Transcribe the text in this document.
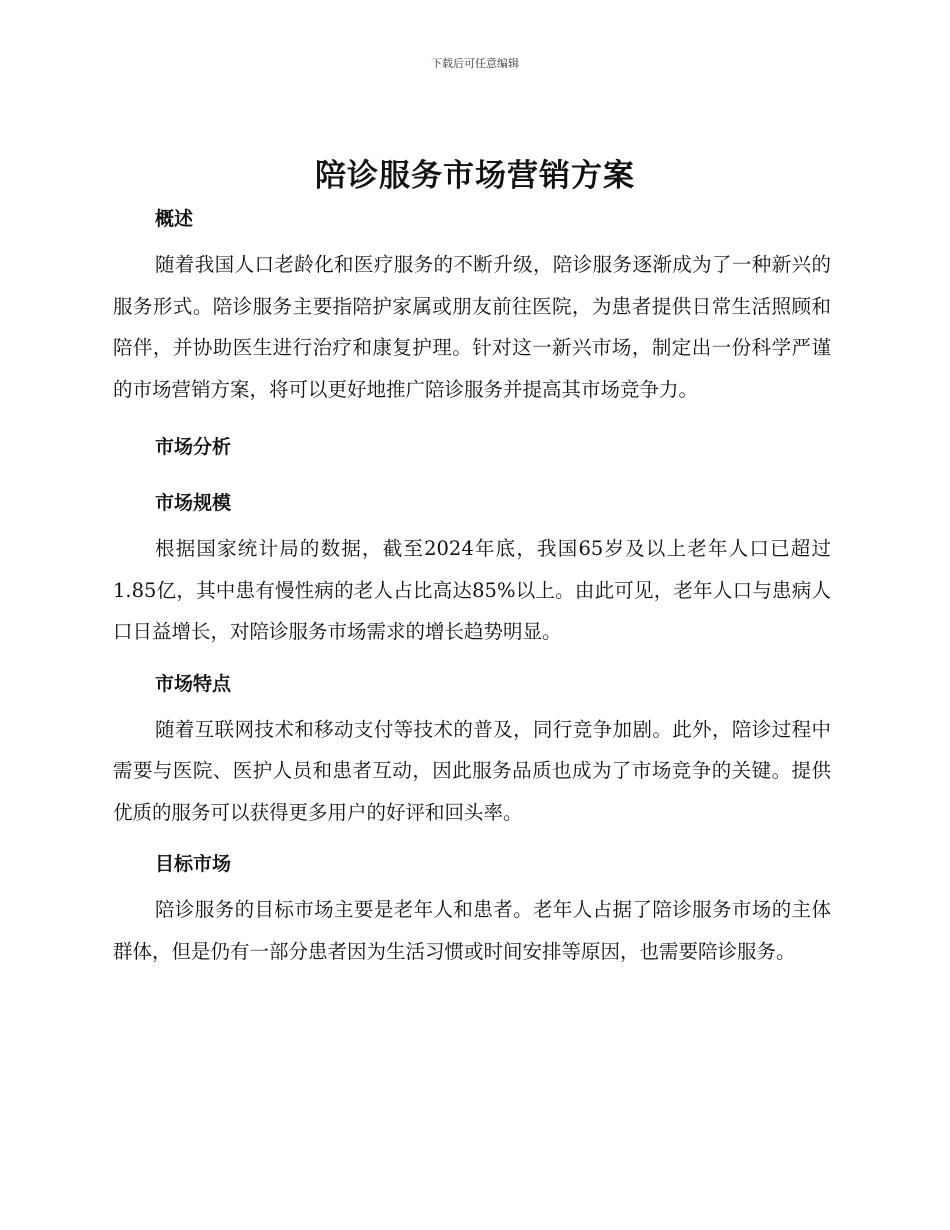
下载后可任意编辑
陪诊服务市场营销方案
概述

随着我国人口老龄化和医疗服务的不断升级，陪诊服务逐渐成为了一种新兴的服务形式。陪诊服务主要指陪护家属或朋友前往医院，为患者提供日常生活照顾和陪伴，并协助医生进行治疗和康复护理。针对这一新兴市场，制定出一份科学严谨的市场营销方案，将可以更好地推广陪诊服务并提高其市场竞争力。

市场分析
市场规模

根据国家统计局的数据，截至2024年底，我国65岁及以上老年人口已超过1.85亿，其中患有慢性病的老人占比高达85%以上。由此可见，老年人口与患病人口日益增长，对陪诊服务市场需求的增长趋势明显。

市场特点

随着互联网技术和移动支付等技术的普及，同行竞争加剧。此外，陪诊过程中需要与医院、医护人员和患者互动，因此服务品质也成为了市场竞争的关键。提供优质的服务可以获得更多用户的好评和回头率。

目标市场

陪诊服务的目标市场主要是老年人和患者。老年人占据了陪诊服务市场的主体群体，但是仍有一部分患者因为生活习惯或时间安排等原因，也需要陪诊服务。
